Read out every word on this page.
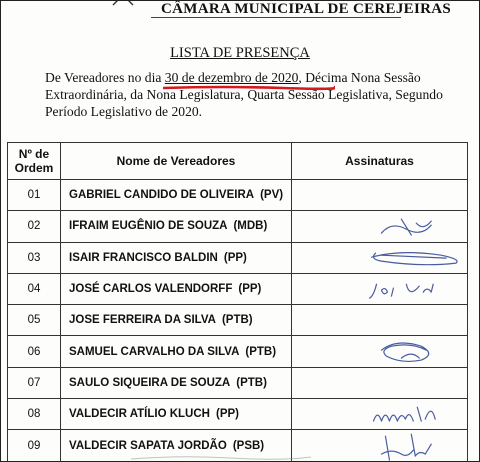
CÂMARA MUNICIPAL DE CEREJEIRAS
LISTA DE PRESENÇA
De Vereadores no dia 30 de dezembro de 2020, Décima Nona Sessão Extraordinária, da Nona Legislatura, Quarta Sessão Legislativa, Segundo Período Legislativo de 2020.
Nº de Ordem	Nome de Vereadores	Assinaturas
01	GABRIEL CANDIDO DE OLIVEIRA (PV)	
02	IFRAIM EUGÊNIO DE SOUZA (MDB)	

03	ISAIR FRANCISCO BALDIN (PP)	

04	JOSÉ CARLOS VALENDORFF (PP)	

05	JOSE FERREIRA DA SILVA (PTB)	
06	SAMUEL CARVALHO DA SILVA (PTB)	

07	SAULO SIQUEIRA DE SOUZA (PTB)	
08	VALDECIR ATÍLIO KLUCH (PP)	

09	VALDECIR SAPATA JORDÃO (PSB)	
